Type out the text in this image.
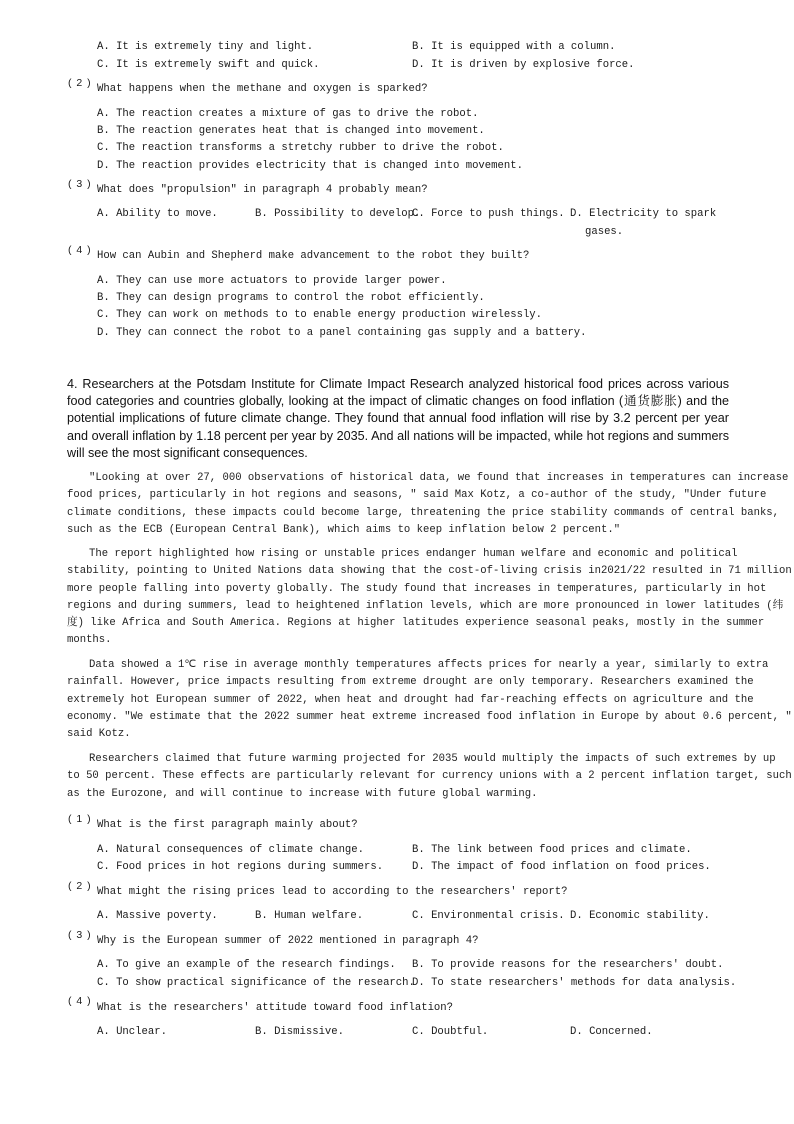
A. It is extremely tiny and light.	B. It is equipped with a column.
C. It is extremely swift and quick.	D. It is driven by explosive force.
( 2 ) What happens when the methane and oxygen is sparked?
A. The reaction creates a mixture of gas to drive the robot.
B. The reaction generates heat that is changed into movement.
C. The reaction transforms a stretchy rubber to drive the robot.
D. The reaction provides electricity that is changed into movement.
( 3 ) What does "propulsion" in paragraph 4 probably mean?
A. Ability to move.	B. Possibility to develop.
C. Force to push things. D. Electricity to spark
gases.
( 4 ) How can Aubin and Shepherd make advancement to the robot they built?
A. They can use more actuators to provide larger power.
B. They can design programs to control the robot efficiently.
C. They can work on methods to to enable energy production wirelessly.
D. They can connect the robot to a panel containing gas supply and a battery.
4. Researchers at the Potsdam Institute for Climate Impact Research analyzed historical food prices across various
food categories and countries globally, looking at the impact of climatic changes on food inflation (通货膨胀) and the
potential implications of future climate change. They found that annual food inflation will rise by 3.2 percent per year
and overall inflation by 1.18 percent per year by 2035. And all nations will be impacted, while hot regions and summers
will see the most significant consequences.
"Looking at over 27, 000 observations of historical data, we found that increases in temperatures can increase
food prices, particularly in hot regions and seasons, " said Max Kotz, a co-author of the study, "Under future
climate conditions, these impacts could become large, threatening the price stability commands of central banks,
such as the ECB (European Central Bank), which aims to keep inflation below 2 percent."
The report highlighted how rising or unstable prices endanger human welfare and economic and political
stability, pointing to United Nations data showing that the cost-of-living crisis in2021/22 resulted in 71 million
more people falling into poverty globally. The study found that increases in temperatures, particularly in hot
regions and during summers, lead to heightened inflation levels, which are more pronounced in lower latitudes (纬
度) like Africa and South America. Regions at higher latitudes experience seasonal peaks, mostly in the summer
months.
Data showed a 1℃ rise in average monthly temperatures affects prices for nearly a year, similarly to extra
rainfall. However, price impacts resulting from extreme drought are only temporary. Researchers examined the
extremely hot European summer of 2022, when heat and drought had far-reaching effects on agriculture and the
economy. "We estimate that the 2022 summer heat extreme increased food inflation in Europe by about 0.6 percent, "
said Kotz.
Researchers claimed that future warming projected for 2035 would multiply the impacts of such extremes by up
to 50 percent. These effects are particularly relevant for currency unions with a 2 percent inflation target, such
as the Eurozone, and will continue to increase with future global warming.
( 1 ) What is the first paragraph mainly about?
A. Natural consequences of climate change.	B. The link between food prices and climate.
C. Food prices in hot regions during summers.	D. The impact of food inflation on food prices.
( 2 ) What might the rising prices lead to according to the researchers' report?
A. Massive poverty.	B. Human welfare.	C. Environmental crisis. D. Economic stability.
( 3 ) Why is the European summer of 2022 mentioned in paragraph 4?
A. To give an example of the research findings. B. To provide reasons for the researchers' doubt.
C. To show practical significance of the research.
D. To state researchers' methods for data analysis.
( 4 )
What is the researchers' attitude toward food inflation?
A. Unclear.	B. Dismissive.	C. Doubtful.	D. Concerned.
